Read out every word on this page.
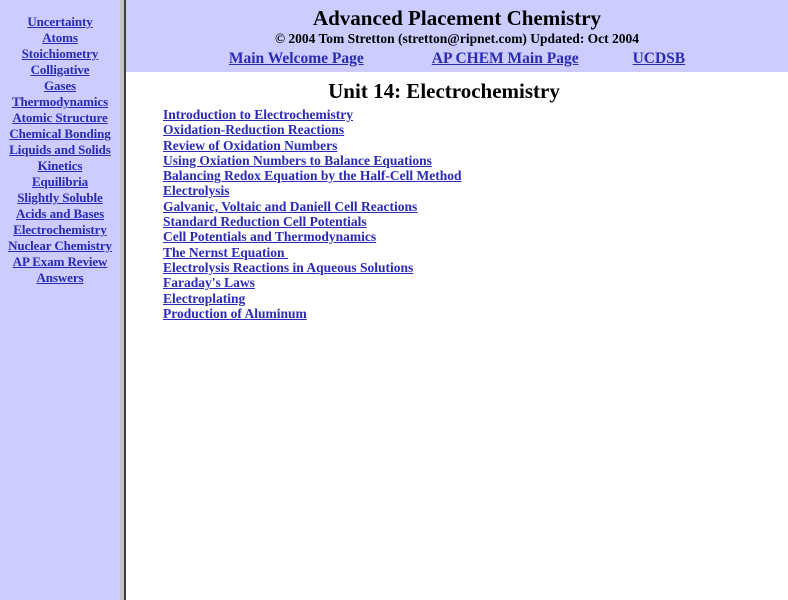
Uncertainty
Atoms
Stoichiometry
Colligative
Gases
Thermodynamics
Atomic Structure
Chemical Bonding
Liquids and Solids
Kinetics
Equilibria
Slightly Soluble
Acids and Bases
Electrochemistry
Nuclear Chemistry
AP Exam Review
Answers
Advanced Placement Chemistry
© 2004 Tom Stretton (stretton@ripnet.com) Updated: Oct 2004
Main Welcome Page	AP CHEM Main Page	UCDSB
Unit 14: Electrochemistry
Introduction to Electrochemistry
Oxidation-Reduction Reactions
Review of Oxidation Numbers
Using Oxiation Numbers to Balance Equations
Balancing Redox Equation by the Half-Cell Method
Electrolysis
Galvanic, Voltaic and Daniell Cell Reactions
Standard Reduction Cell Potentials
Cell Potentials and Thermodynamics
The Nernst Equation
Electrolysis Reactions in Aqueous Solutions
Faraday's Laws
Electroplating
Production of Aluminum
